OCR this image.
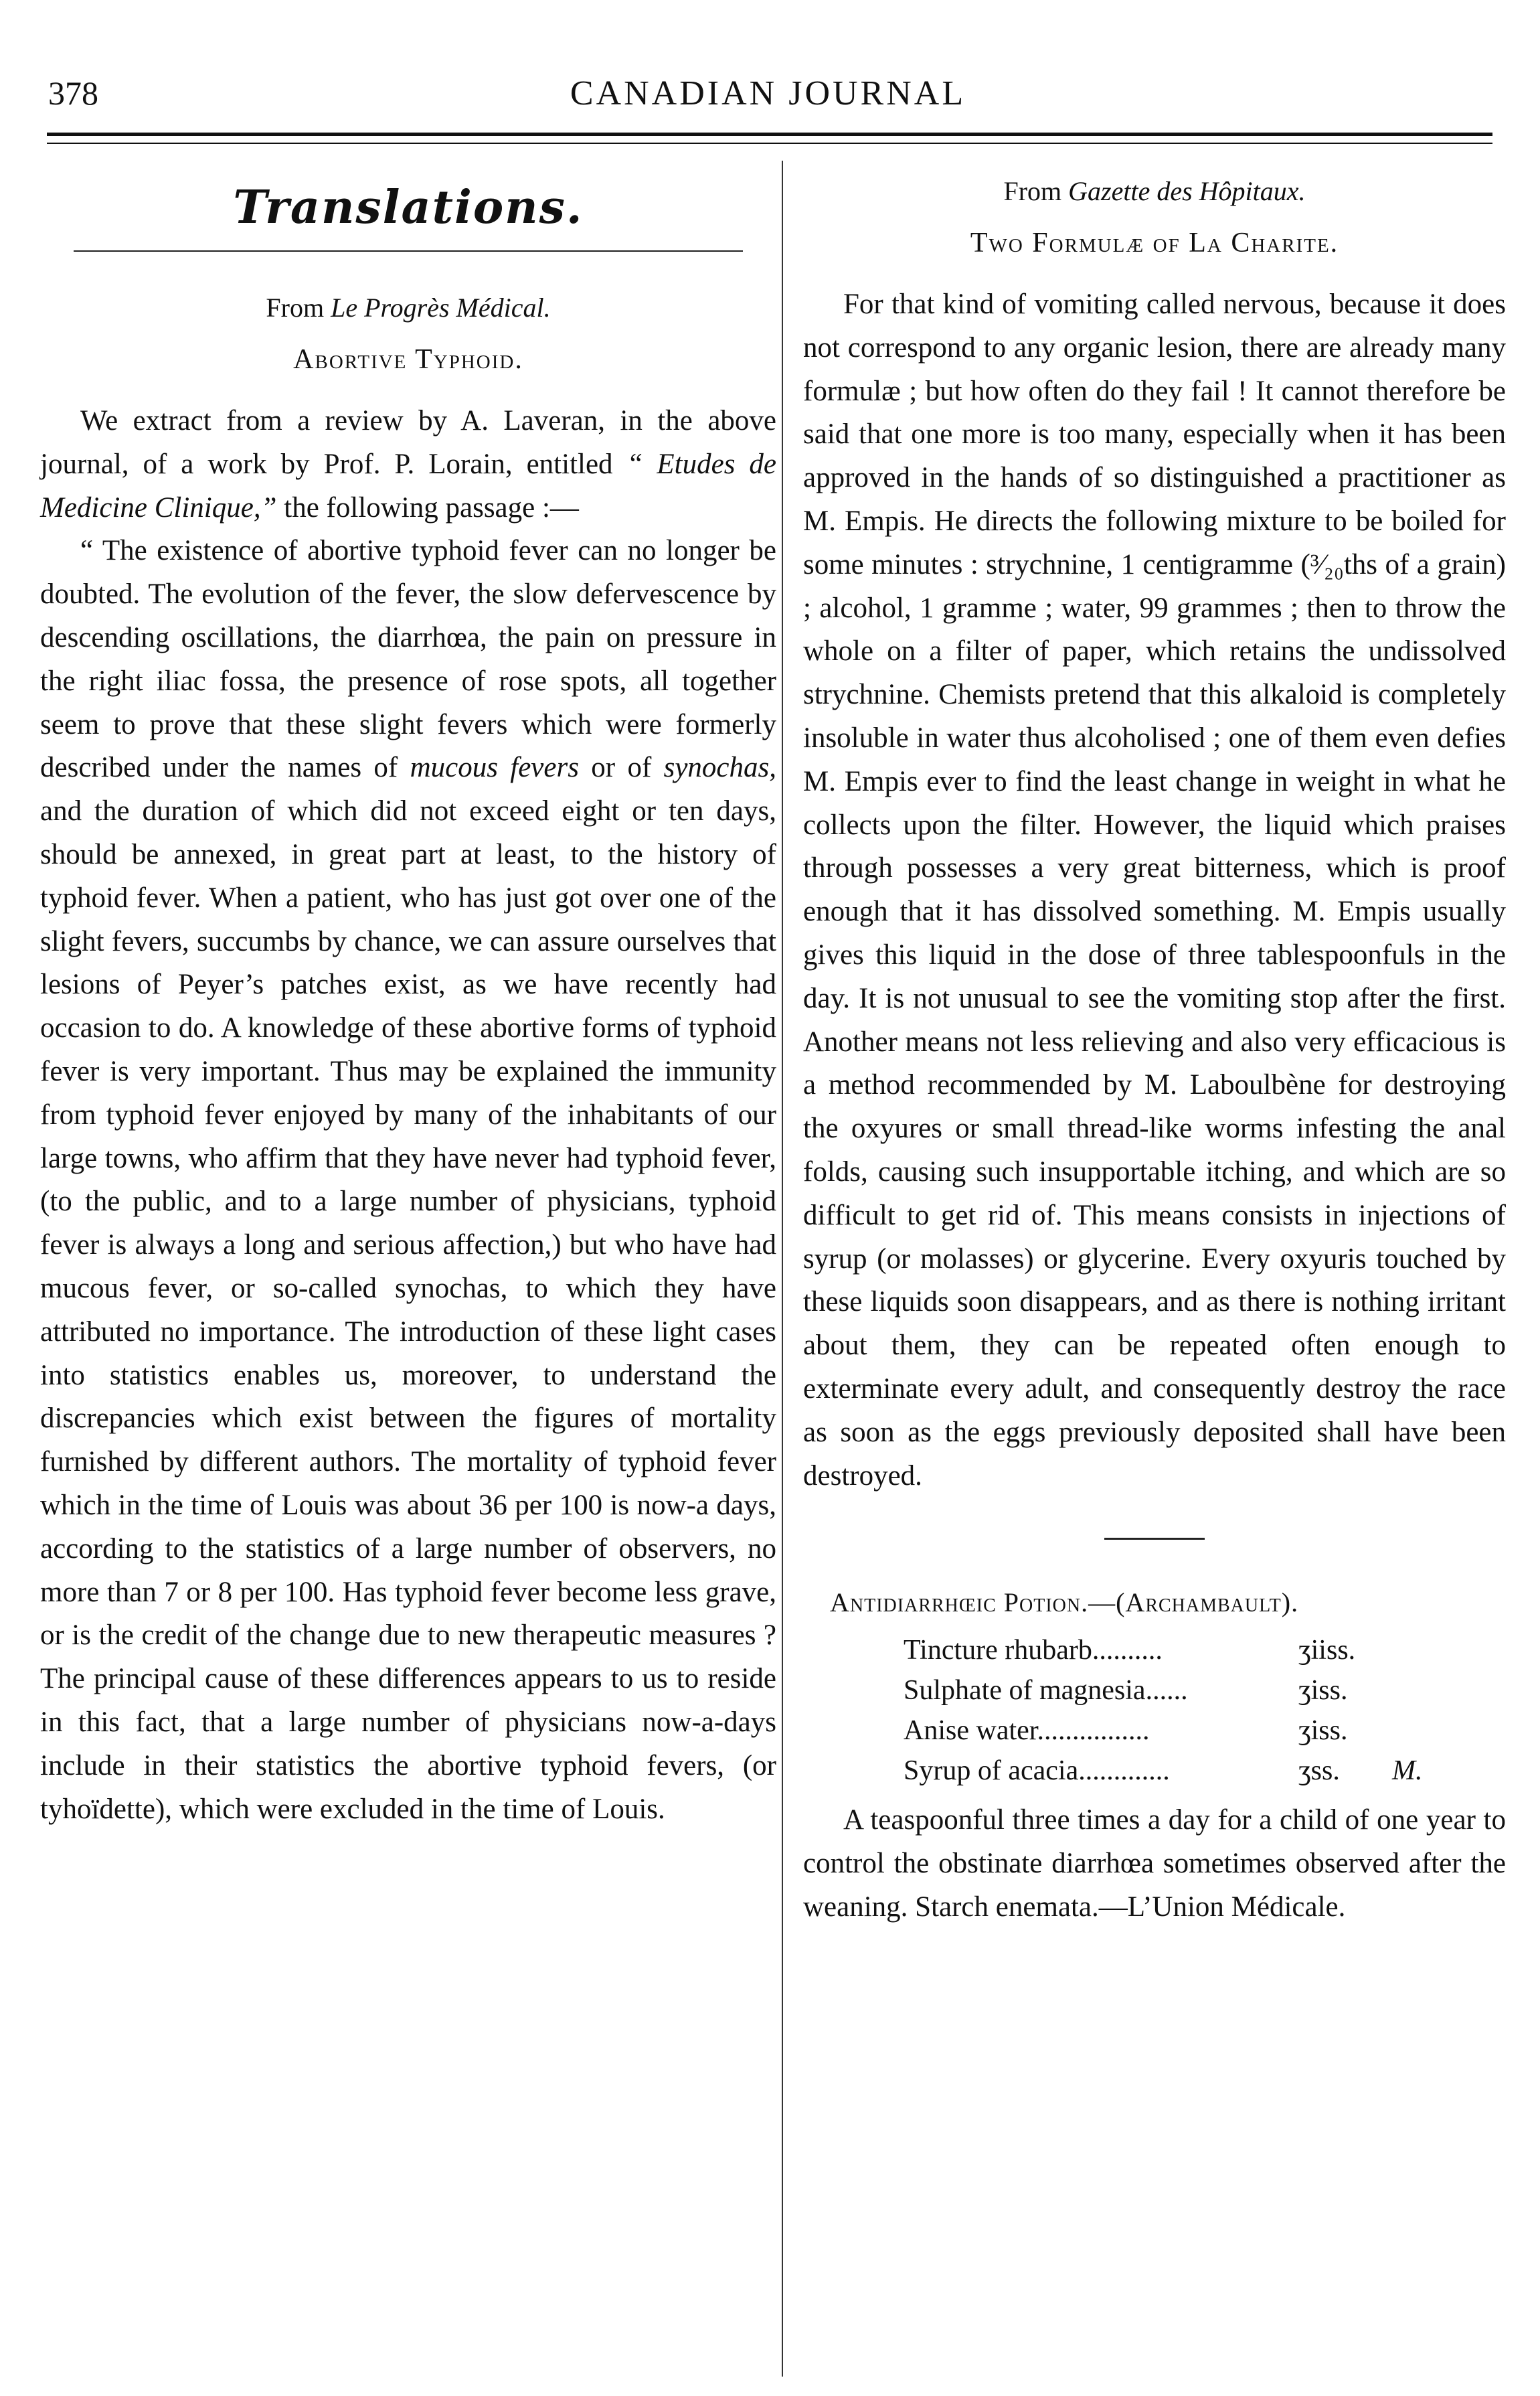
378	CANADIAN JOURNAL
Translations.
From Le Progrès Médical.
Abortive Typhoid.

We extract from a review by A. Laveran, in the above journal, of a work by Prof. P. Lorain, entitled “ Etudes de Medicine Clinique,” the following passage :—

“ The existence of abortive typhoid fever can no longer be doubted. The evolution of the fever, the slow defervescence by descending oscillations, the diarrhœa, the pain on pressure in the right iliac fossa, the presence of rose spots, all together seem to prove that these slight fevers which were formerly described under the names of mucous fevers or of synochas, and the duration of which did not exceed eight or ten days, should be annexed, in great part at least, to the history of typhoid fever. When a patient, who has just got over one of the slight fevers, succumbs by chance, we can assure ourselves that lesions of Peyer’s patches exist, as we have recently had occasion to do. A knowledge of these abortive forms of typhoid fever is very important. Thus may be explained the immunity from typhoid fever enjoyed by many of the inhabitants of our large towns, who affirm that they have never had typhoid fever, (to the public, and to a large number of physicians, typhoid fever is always a long and serious affection,) but who have had mucous fever, or so-called synochas, to which they have attributed no importance. The introduction of these light cases into statistics enables us, moreover, to understand the discrepancies which exist between the figures of mortality furnished by different authors. The mortality of typhoid fever which in the time of Louis was about 36 per 100 is now-a days, according to the statistics of a large number of observers, no more than 7 or 8 per 100. Has typhoid fever become less grave, or is the credit of the change due to new therapeutic measures ? The principal cause of these differences appears to us to reside in this fact, that a large number of physicians now-a-days include in their statistics the abortive typhoid fevers, (or tyhoïdette), which were excluded in the time of Louis.

From Gazette des Hôpitaux.
Two Formulæ of La Charite.

For that kind of vomiting called nervous, because it does not correspond to any organic lesion, there are already many formulæ ; but how often do they fail ! It cannot therefore be said that one more is too many, especially when it has been approved in the hands of so distinguished a practitioner as M. Empis. He directs the following mixture to be boiled for some minutes : strychnine, 1 centigramme (³⁄₂₀ths of a grain) ; alcohol, 1 gramme ; water, 99 grammes ; then to throw the whole on a filter of paper, which retains the undissolved strychnine. Chemists pretend that this alkaloid is completely insoluble in water thus alcoholised ; one of them even defies M. Empis ever to find the least change in weight in what he collects upon the filter. However, the liquid which praises through possesses a very great bitterness, which is proof enough that it has dissolved something. M. Empis usually gives this liquid in the dose of three tablespoonfuls in the day. It is not unusual to see the vomiting stop after the first. Another means not less relieving and also very efficacious is a method recommended by M. Laboulbène for destroying the oxyures or small thread-like worms infesting the anal folds, causing such insupportable itching, and which are so difficult to get rid of. This means consists in injections of syrup (or molasses) or glycerine. Every oxyuris touched by these liquids soon disappears, and as there is nothing irritant about them, they can be repeated often enough to exterminate every adult, and consequently destroy the race as soon as the eggs previously deposited shall have been destroyed.

Antidiarrhœic Potion.—(Archambault).
Tincture rhubarb..........	ʒiiss.
Sulphate of magnesia......	ʒiss.
Anise water................	ʒiss.
Syrup of acacia.............	ʒss.	M.

A teaspoonful three times a day for a child of one year to control the obstinate diarrhœa sometimes observed after the weaning. Starch enemata.—L’Union Médicale.
